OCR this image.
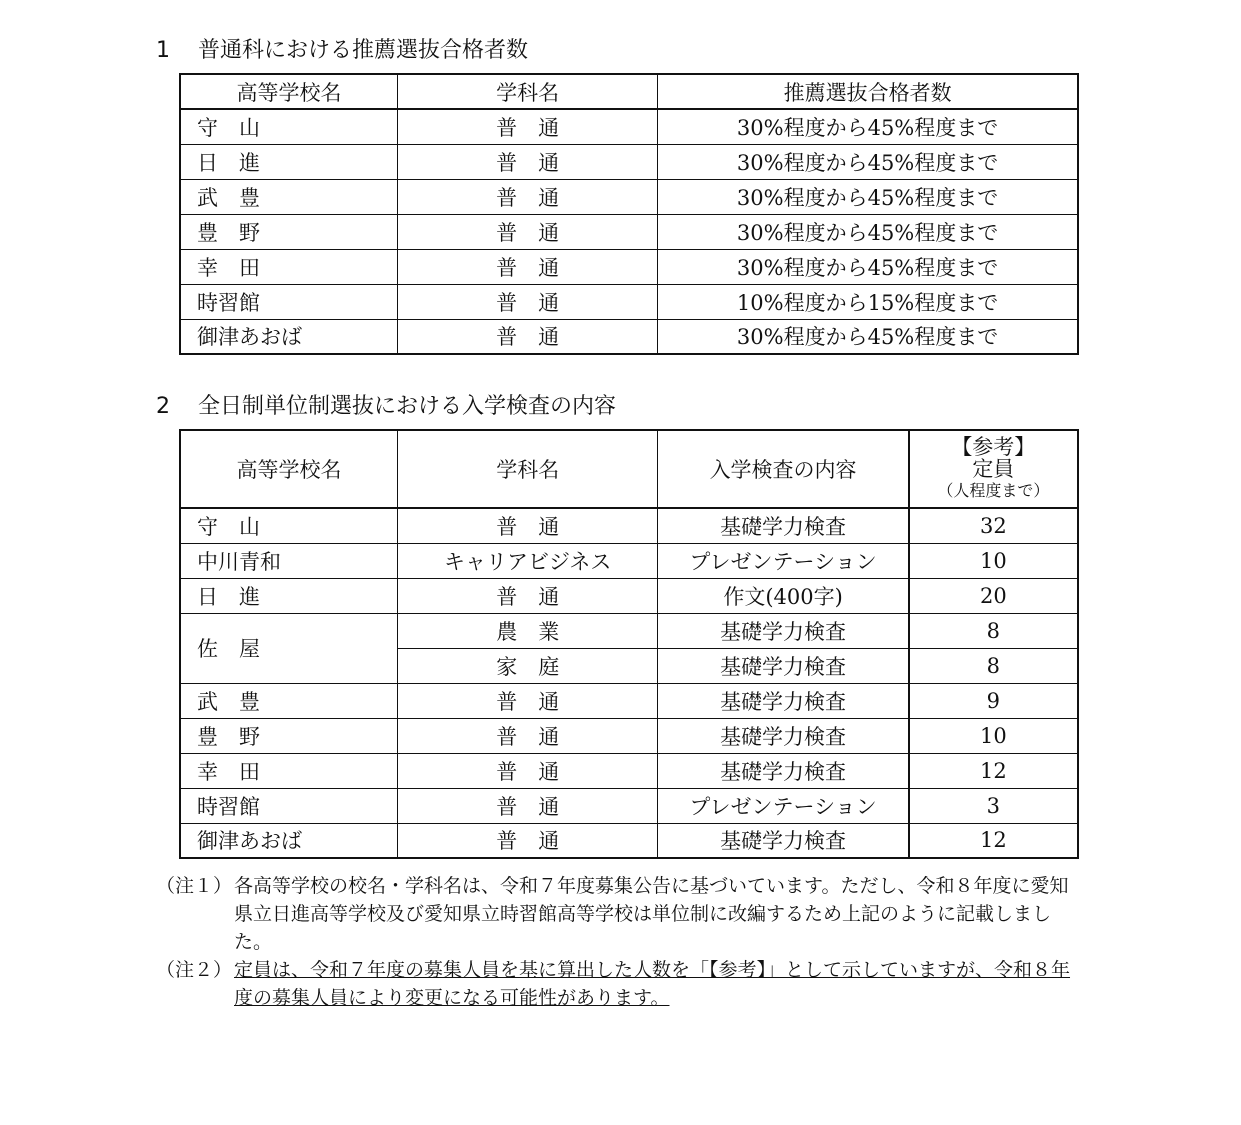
1 普通科における推薦選抜合格者数
高等学校名	学科名	推薦選抜合格者数
守　山	普　通	30%程度から45%程度まで
日　進	普　通	30%程度から45%程度まで
武　豊	普　通	30%程度から45%程度まで
豊　野	普　通	30%程度から45%程度まで
幸　田	普　通	30%程度から45%程度まで
時習館	普　通	10%程度から15%程度まで
御津あおば	普　通	30%程度から45%程度まで
2 全日制単位制選抜における入学検査の内容
高等学校名	学科名	入学検査の内容	【参考】
定員
（人程度まで）

守　山	普　通	基礎学力検査	32
中川青和	キャリアビジネス	プレゼンテーション	10
日　進	普　通	作文(400字)	20
佐　屋	農　業	基礎学力検査	8
	家　庭	基礎学力検査	8
武　豊	普　通	基礎学力検査	9
豊　野	普　通	基礎学力検査	10
幸　田	普　通	基礎学力検査	12
時習館	普　通	プレゼンテーション	3
御津あおば	普　通	基礎学力検査	12
（注１） 各高等学校の校名・学科名は、令和７年度募集公告に基づいています。ただし、令和８年度に愛知県立日進高等学校及び愛知県立時習館高等学校は単位制に改編するため上記のように記載しました。
（注２） 定員は、令和７年度の募集人員を基に算出した人数を「【参考】」として示していますが、令和８年度の募集人員により変更になる可能性があります。
